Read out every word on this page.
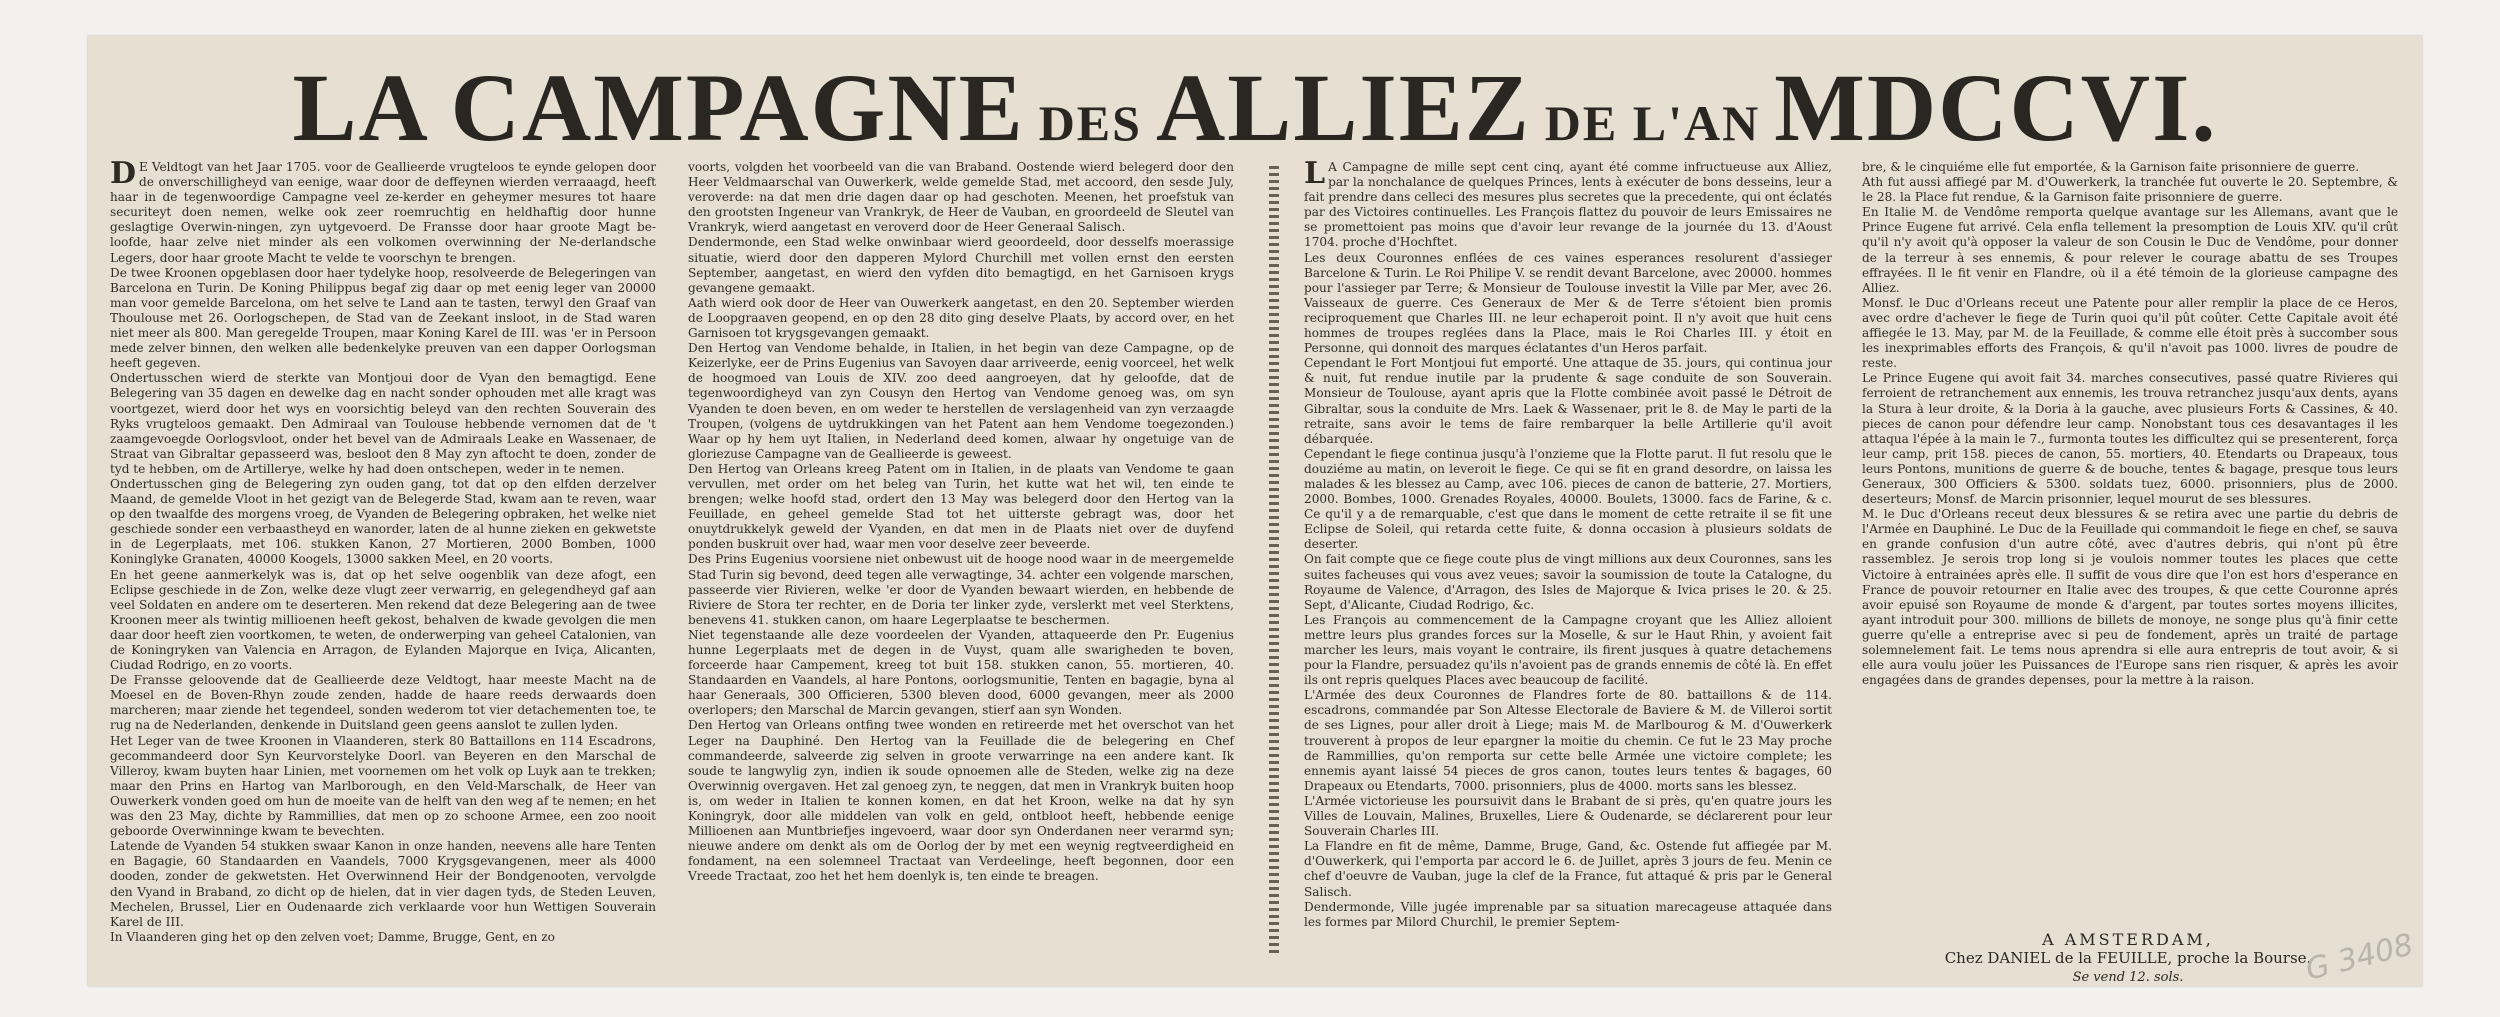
LA CAMPAGNE DES ALLIEZ DE L'AN MDCCVI.

D E Veldtogt van het Jaar 1705. voor de Geallieerde vrugteloos te eynde gelopen door de onverschilligheyd van eenige, waar door de deffeynen wierden verraaagd, heeft haar in de tegenwoordige Campagne veel ze-kerder en geheymer mesures tot haare securiteyt doen nemen, welke ook zeer roemruchtig en heldhaftig door hunne geslagtige Overwin-ningen, zyn uytgevoerd. De Fransse door haar groote Magt be-loofde, haar zelve niet minder als een volkomen overwinning der Ne-derlandsche Legers, door haar groote Macht te velde te voorschyn te brengen.

De twee Kroonen opgeblasen door haer tydelyke hoop, resolveerde de Belegeringen van Barcelona en Turin. De Koning Philippus begaf zig daar op met eenig leger van 20000 man voor gemelde Barcelona, om het selve te Land aan te tasten, terwyl den Graaf van Thoulouse met 26. Oorlogschepen, de Stad van de Zeekant insloot, in de Stad waren niet meer als 800. Man geregelde Troupen, maar Koning Karel de III. was 'er in Persoon mede zelver binnen, den welken alle bedenkelyke preuven van een dapper Oorlogsman heeft gegeven.

Ondertusschen wierd de sterkte van Montjoui door de Vyan den bemagtigd. Eene Belegering van 35 dagen en dewelke dag en nacht sonder ophouden met alle kragt was voortgezet, wierd door het wys en voorsichtig beleyd van den rechten Souverain des Ryks vrugteloos gemaakt. Den Admiraal van Toulouse hebbende vernomen dat de 't zaamgevoegde Oorlogsvloot, onder het bevel van de Admiraals Leake en Wassenaer, de Straat van Gibraltar gepasseerd was, besloot den 8 May zyn aftocht te doen, zonder de tyd te hebben, om de Artillerye, welke hy had doen ontschepen, weder in te nemen.

Ondertusschen ging de Belegering zyn ouden gang, tot dat op den elfden derzelver Maand, de gemelde Vloot in het gezigt van de Belegerde Stad, kwam aan te reven, waar op den twaalfde des morgens vroeg, de Vyanden de Belegering opbraken, het welke niet geschiede sonder een verbaastheyd en wanorder, laten de al hunne zieken en gekwetste in de Legerplaats, met 106. stukken Kanon, 27 Mortieren, 2000 Bomben, 1000 Koninglyke Granaten, 40000 Koogels, 13000 sakken Meel, en 20 voorts.

En het geene aanmerkelyk was is, dat op het selve oogenblik van deze afogt, een Eclipse geschiede in de Zon, welke deze vlugt zeer verwarrig, en gelegendheyd gaf aan veel Soldaten en andere om te deserteren. Men rekend dat deze Belegering aan de twee Kroonen meer als twintig millioenen heeft gekost, behalven de kwade gevolgen die men daar door heeft zien voortkomen, te weten, de onderwerping van geheel Catalonien, van de Koningryken van Valencia en Arragon, de Eylanden Majorque en Iviça, Alicanten, Ciudad Rodrigo, en zo voorts.

De Fransse geloovende dat de Geallieerde deze Veldtogt, haar meeste Macht na de Moesel en de Boven-Rhyn zoude zenden, hadde de haare reeds derwaards doen marcheren; maar ziende het tegendeel, sonden wederom tot vier detachementen toe, te rug na de Nederlanden, denkende in Duitsland geen geens aanslot te zullen lyden.

Het Leger van de twee Kroonen in Vlaanderen, sterk 80 Battaillons en 114 Escadrons, gecommandeerd door Syn Keurvorstelyke Doorl. van Beyeren en den Marschal de Villeroy, kwam buyten haar Linien, met voornemen om het volk op Luyk aan te trekken; maar den Prins en Hartog van Marlborough, en den Veld-Marschalk, de Heer van Ouwerkerk vonden goed om hun de moeite van de helft van den weg af te nemen; en het was den 23 May, dichte by Rammillies, dat men op zo schoone Armee, een zoo nooit geboorde Overwinninge kwam te bevechten.

Latende de Vyanden 54 stukken swaar Kanon in onze handen, neevens alle hare Tenten en Bagagie, 60 Standaarden en Vaandels, 7000 Krygsgevangenen, meer als 4000 dooden, zonder de gekwetsten. Het Overwinnend Heir der Bondgenooten, vervolgde den Vyand in Braband, zo dicht op de hielen, dat in vier dagen tyds, de Steden Leuven, Mechelen, Brussel, Lier en Oudenaarde zich verklaarde voor hun Wettigen Souverain Karel de III.

In Vlaanderen ging het op den zelven voet; Damme, Brugge, Gent, en zo

voorts, volgden het voorbeeld van die van Braband. Oostende wierd belegerd door den Heer Veldmaarschal van Ouwerkerk, welde gemelde Stad, met accoord, den sesde July, veroverde: na dat men drie dagen daar op had geschoten. Meenen, het proefstuk van den grootsten Ingeneur van Vrankryk, de Heer de Vauban, en groordeeld de Sleutel van Vrankryk, wierd aangetast en veroverd door de Heer Generaal Salisch.

Dendermonde, een Stad welke onwinbaar wierd geoordeeld, door desselfs moerassige situatie, wierd door den dapperen Mylord Churchill met vollen ernst den eersten September, aangetast, en wierd den vyfden dito bemagtigd, en het Garnisoen krygs gevangene gemaakt.

Aath wierd ook door de Heer van Ouwerkerk aangetast, en den 20. September wierden de Loopgraaven geopend, en op den 28 dito ging deselve Plaats, by accord over, en het Garnisoen tot krygsgevangen gemaakt.

Den Hertog van Vendome behalde, in Italien, in het begin van deze Campagne, op de Keizerlyke, eer de Prins Eugenius van Savoyen daar arriveerde, eenig voorceel, het welk de hoogmoed van Louis de XIV. zoo deed aangroeyen, dat hy geloofde, dat de tegenwoordigheyd van zyn Cousyn den Hertog van Vendome genoeg was, om syn Vyanden te doen beven, en om weder te herstellen de verslagenheid van zyn verzaagde Troupen, (volgens de uytdrukkingen van het Patent aan hem Vendome toegezonden.) Waar op hy hem uyt Italien, in Nederland deed komen, alwaar hy ongetuige van de gloriezuse Campagne van de Geallieerde is geweest.

Den Hertog van Orleans kreeg Patent om in Italien, in de plaats van Vendome te gaan vervullen, met order om het beleg van Turin, het kutte wat het wil, ten einde te brengen; welke hoofd stad, ordert den 13 May was belegerd door den Hertog van la Feuillade, en geheel gemelde Stad tot het uitterste gebragt was, door het onuytdrukkelyk geweld der Vyanden, en dat men in de Plaats niet over de duyfend ponden buskruit over had, waar men voor deselve zeer beveerde.

Des Prins Eugenius voorsiene niet onbewust uit de hooge nood waar in de meergemelde Stad Turin sig bevond, deed tegen alle verwagtinge, 34. achter een volgende marschen, passeerde vier Rivieren, welke 'er door de Vyanden bewaart wierden, en hebbende de Riviere de Stora ter rechter, en de Doria ter linker zyde, verslerkt met veel Sterktens, benevens 41. stukken canon, om haare Legerplaatse te beschermen.

Niet tegenstaande alle deze voordeelen der Vyanden, attaqueerde den Pr. Eugenius hunne Legerplaats met de degen in de Vuyst, quam alle swarigheden te boven, forceerde haar Campement, kreeg tot buit 158. stukken canon, 55. mortieren, 40. Standaarden en Vaandels, al hare Pontons, oorlogsmunitie, Tenten en bagagie, byna al haar Generaals, 300 Officieren, 5300 bleven dood, 6000 gevangen, meer als 2000 overlopers; den Marschal de Marcin gevangen, stierf aan syn Wonden.

Den Hertog van Orleans ontfing twee wonden en retireerde met het overschot van het Leger na Dauphiné. Den Hertog van la Feuillade die de belegering en Chef commandeerde, salveerde zig selven in groote verwarringe na een andere kant. Ik soude te langwylig zyn, indien ik soude opnoemen alle de Steden, welke zig na deze Overwinnig overgaven. Het zal genoeg zyn, te neggen, dat men in Vrankryk buiten hoop is, om weder in Italien te konnen komen, en dat het Kroon, welke na dat hy syn Koningryk, door alle middelen van volk en geld, ontbloot heeft, hebbende eenige Millioenen aan Muntbriefjes ingevoerd, waar door syn Onderdanen neer verarmd syn; nieuwe andere om denkt als om de Oorlog der by met een weynig regtveerdigheid en fondament, na een solemneel Tractaat van Verdeelinge, heeft begonnen, door een Vreede Tractaat, zoo het het hem doenlyk is, ten einde te breagen.

L A Campagne de mille sept cent cinq, ayant été comme infructueuse aux Alliez, par la nonchalance de quelques Princes, lents à exécuter de bons desseins, leur a fait prendre dans celleci des mesures plus secretes que la precedente, qui ont éclatés par des Victoires continuelles. Les François flattez du pouvoir de leurs Emissaires ne se promettoient pas moins que d'avoir leur revange de la journée du 13. d'Aoust 1704. proche d'Hochftet.

Les deux Couronnes enflées de ces vaines esperances resolurent d'assieger Barcelone & Turin. Le Roi Philipe V. se rendit devant Barcelone, avec 20000. hommes pour l'assieger par Terre; & Monsieur de Toulouse investit la Ville par Mer, avec 26. Vaisseaux de guerre. Ces Generaux de Mer & de Terre s'étoient bien promis reciproquement que Charles III. ne leur echaperoit point. Il n'y avoit que huit cens hommes de troupes reglées dans la Place, mais le Roi Charles III. y étoit en Personne, qui donnoit des marques éclatantes d'un Heros parfait.

Cependant le Fort Montjoui fut emporté. Une attaque de 35. jours, qui continua jour & nuit, fut rendue inutile par la prudente & sage conduite de son Souverain. Monsieur de Toulouse, ayant apris que la Flotte combinée avoit passé le Détroit de Gibraltar, sous la conduite de Mrs. Laek & Wassenaer, prit le 8. de May le parti de la retraite, sans avoir le tems de faire rembarquer la belle Artillerie qu'il avoit débarquée.

Cependant le fiege continua jusqu'à l'onzieme que la Flotte parut. Il fut resolu que le douziéme au matin, on leveroit le fiege. Ce qui se fit en grand desordre, on laissa les malades & les blessez au Camp, avec 106. pieces de canon de batterie, 27. Mortiers, 2000. Bombes, 1000. Grenades Royales, 40000. Boulets, 13000. facs de Farine, & c. Ce qu'il y a de remarquable, c'est que dans le moment de cette retraite il se fit une Eclipse de Soleil, qui retarda cette fuite, & donna occasion à plusieurs soldats de deserter.

On fait compte que ce fiege coute plus de vingt millions aux deux Couronnes, sans les suites facheuses qui vous avez veues; savoir la soumission de toute la Catalogne, du Royaume de Valence, d'Arragon, des Isles de Majorque & Ivica prises le 20. & 25. Sept, d'Alicante, Ciudad Rodrigo, &c.

Les François au commencement de la Campagne croyant que les Alliez alloient mettre leurs plus grandes forces sur la Moselle, & sur le Haut Rhin, y avoient fait marcher les leurs, mais voyant le contraire, ils firent jusques à quatre detachemens pour la Flandre, persuadez qu'ils n'avoient pas de grands ennemis de côté là. En effet ils ont repris quelques Places avec beaucoup de facilité.

L'Armée des deux Couronnes de Flandres forte de 80. battaillons & de 114. escadrons, commandée par Son Altesse Electorale de Baviere & M. de Villeroi sortit de ses Lignes, pour aller droit à Liege; mais M. de Marlbourog & M. d'Ouwerkerk trouverent à propos de leur epargner la moitie du chemin. Ce fut le 23 May proche de Rammillies, qu'on remporta sur cette belle Armée une victoire complete; les ennemis ayant laissé 54 pieces de gros canon, toutes leurs tentes & bagages, 60 Drapeaux ou Etendarts, 7000. prisonniers, plus de 4000. morts sans les blessez.

L'Armée victorieuse les poursuivit dans le Brabant de si près, qu'en quatre jours les Villes de Louvain, Malines, Bruxelles, Liere & Oudenarde, se déclarerent pour leur Souverain Charles III.

La Flandre en fit de même, Damme, Bruge, Gand, &c. Ostende fut affiegée par M. d'Ouwerkerk, qui l'emporta par accord le 6. de Juillet, après 3 jours de feu. Menin ce chef d'oeuvre de Vauban, juge la clef de la France, fut attaqué & pris par le General Salisch.

Dendermonde, Ville jugée imprenable par sa situation marecageuse attaquée dans les formes par Milord Churchil, le premier Septem-

bre, & le cinquiéme elle fut emportée, & la Garnison faite prisonniere de guerre.

Ath fut aussi affiegé par M. d'Ouwerkerk, la tranchée fut ouverte le 20. Septembre, & le 28. la Place fut rendue, & la Garnison faite prisonniere de guerre.

En Italie M. de Vendôme remporta quelque avantage sur les Allemans, avant que le Prince Eugene fut arrivé. Cela enfla tellement la presomption de Louis XIV. qu'il crût qu'il n'y avoit qu'à opposer la valeur de son Cousin le Duc de Vendôme, pour donner de la terreur à ses ennemis, & pour relever le courage abattu de ses Troupes effrayées. Il le fit venir en Flandre, où il a été témoin de la glorieuse campagne des Alliez.

Monsf. le Duc d'Orleans receut une Patente pour aller remplir la place de ce Heros, avec ordre d'achever le fiege de Turin quoi qu'il pût coûter. Cette Capitale avoit été affiegée le 13. May, par M. de la Feuillade, & comme elle étoit près à succomber sous les inexprimables efforts des François, & qu'il n'avoit pas 1000. livres de poudre de reste.

Le Prince Eugene qui avoit fait 34. marches consecutives, passé quatre Rivieres qui ferroient de retranchement aux ennemis, les trouva retranchez jusqu'aux dents, ayans la Stura à leur droite, & la Doria à la gauche, avec plusieurs Forts & Cassines, & 40. pieces de canon pour défendre leur camp. Nonobstant tous ces desavantages il les attaqua l'épée à la main le 7., furmonta toutes les difficultez qui se presenterent, força leur camp, prit 158. pieces de canon, 55. mortiers, 40. Etendarts ou Drapeaux, tous leurs Pontons, munitions de guerre & de bouche, tentes & bagage, presque tous leurs Generaux, 300 Officiers & 5300. soldats tuez, 6000. prisonniers, plus de 2000. deserteurs; Monsf. de Marcin prisonnier, lequel mourut de ses blessures.

M. le Duc d'Orleans receut deux blessures & se retira avec une partie du debris de l'Armée en Dauphiné. Le Duc de la Feuillade qui commandoit le fiege en chef, se sauva en grande confusion d'un autre côté, avec d'autres debris, qui n'ont pû être rassemblez. Je serois trop long si je voulois nommer toutes les places que cette Victoire à entrainées après elle. Il suffit de vous dire que l'on est hors d'esperance en France de pouvoir retourner en Italie avec des troupes, & que cette Couronne aprés avoir epuisé son Royaume de monde & d'argent, par toutes sortes moyens illicites, ayant introduit pour 300. millions de billets de monoye, ne songe plus qu'à finir cette guerre qu'elle a entreprise avec si peu de fondement, après un traité de partage solemnelement fait. Le tems nous aprendra si elle aura entrepris de tout avoir, & si elle aura voulu joüer les Puissances de l'Europe sans rien risquer, & après les avoir engagées dans de grandes depenses, pour la mettre à la raison.

A AMSTERDAM,
Chez DANIEL de la FEUILLE, proche la Bourse.
Se vend 12. sols.	G 3408
